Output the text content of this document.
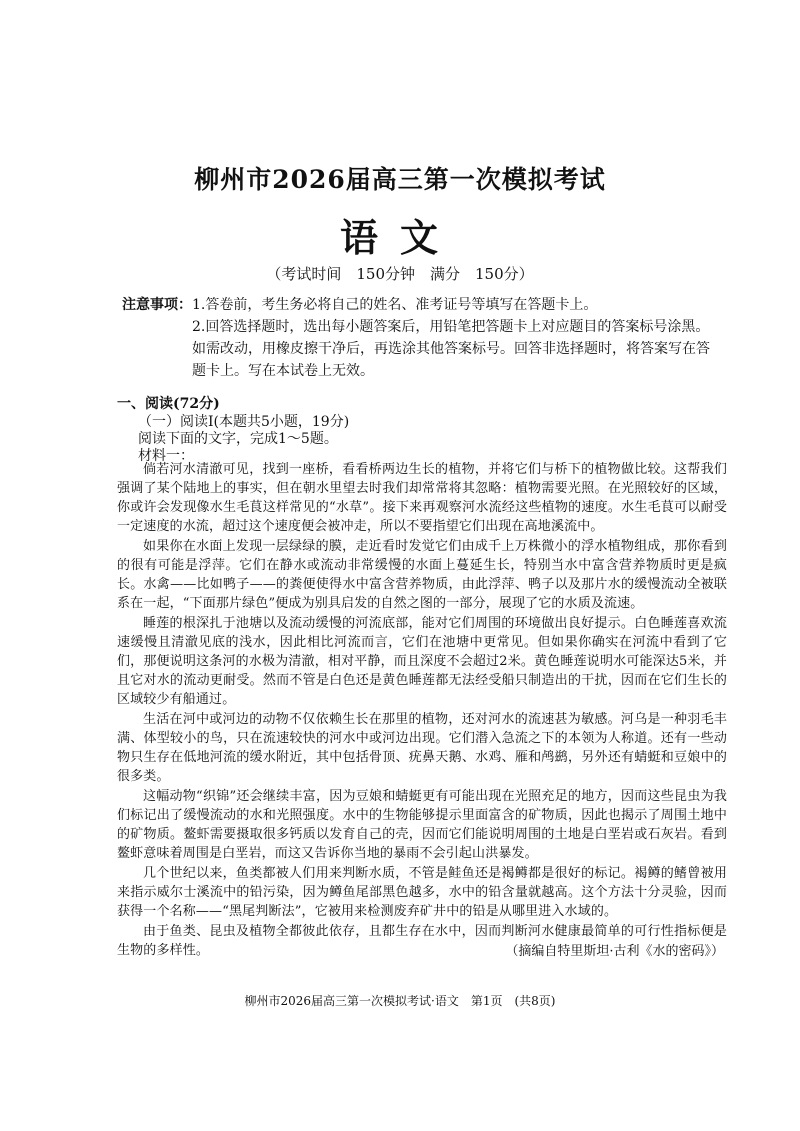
柳州市2026届高三第一次模拟考试
语文

（考试时间　150分钟　满分　150分）

注意事项： 1.答卷前，考生务必将自己的姓名、准考证号等填写在答题卡上。

2.回答选择题时，选出每小题答案后，用铅笔把答题卡上对应题目的答案标号涂黑。如需改动，用橡皮擦干净后，再选涂其他答案标号。回答非选择题时，将答案写在答题卡上。写在本试卷上无效。

一、阅读(72分)

（一）阅读Ⅰ(本题共5小题，19分)

阅读下面的文字，完成1～5题。

材料一：

倘若河水清澈可见，找到一座桥，看看桥两边生长的植物，并将它们与桥下的植物做比较。这帮我们强调了某个陆地上的事实，但在朝水里望去时我们却常常将其忽略：植物需要光照。在光照较好的区域，你或许会发现像水生毛茛这样常见的“水草”。接下来再观察河水流经这些植物的速度。水生毛茛可以耐受一定速度的水流，超过这个速度便会被冲走，所以不要指望它们出现在高地溪流中。

如果你在水面上发现一层绿绿的膜，走近看时发觉它们由成千上万株微小的浮水植物组成，那你看到的很有可能是浮萍。它们在静水或流动非常缓慢的水面上蔓延生长，特别当水中富含营养物质时更是疯长。水禽——比如鸭子——的粪便使得水中富含营养物质，由此浮萍、鸭子以及那片水的缓慢流动全被联系在一起，“下面那片绿色”便成为别具启发的自然之图的一部分，展现了它的水质及流速。

睡莲的根深扎于池塘以及流动缓慢的河流底部，能对它们周围的环境做出良好提示。白色睡莲喜欢流速缓慢且清澈见底的浅水，因此相比河流而言，它们在池塘中更常见。但如果你确实在河流中看到了它们，那便说明这条河的水极为清澈，相对平静，而且深度不会超过2米。黄色睡莲说明水可能深达5米，并且它对水的流动更耐受。然而不管是白色还是黄色睡莲都无法经受船只制造出的干扰，因而在它们生长的区域较少有船通过。

生活在河中或河边的动物不仅依赖生长在那里的植物，还对河水的流速甚为敏感。河乌是一种羽毛丰满、体型较小的鸟，只在流速较快的河水中或河边出现。它们潜入急流之下的本领为人称道。还有一些动物只生存在低地河流的缓水附近，其中包括骨顶、疣鼻天鹅、水鸡、雁和鸬鹚，另外还有蜻蜓和豆娘中的很多类。

这幅动物“织锦”还会继续丰富，因为豆娘和蜻蜓更有可能出现在光照充足的地方，因而这些昆虫为我们标记出了缓慢流动的水和光照强度。水中的生物能够提示里面富含的矿物质，因此也揭示了周围土地中的矿物质。鳌虾需要摄取很多钙质以发育自己的壳，因而它们能说明周围的土地是白垩岩或石灰岩。看到鳌虾意味着周围是白垩岩，而这又告诉你当地的暴雨不会引起山洪暴发。

几个世纪以来，鱼类都被人们用来判断水质，不管是鲑鱼还是褐鳟都是很好的标记。褐鳟的鳍曾被用来指示威尔士溪流中的铅污染，因为鳟鱼尾部黑色越多，水中的铅含量就越高。这个方法十分灵验，因而获得一个名称——“黑尾判断法”，它被用来检测废弃矿井中的铅是从哪里进入水域的。

由于鱼类、昆虫及植物全都彼此依存，且都生存在水中，因而判断河水健康最简单的可行性指标便是生物的多样性。	（摘编自特里斯坦·古利《水的密码》）

柳州市2026届高三第一次模拟考试·语文　第1页　(共8页)
